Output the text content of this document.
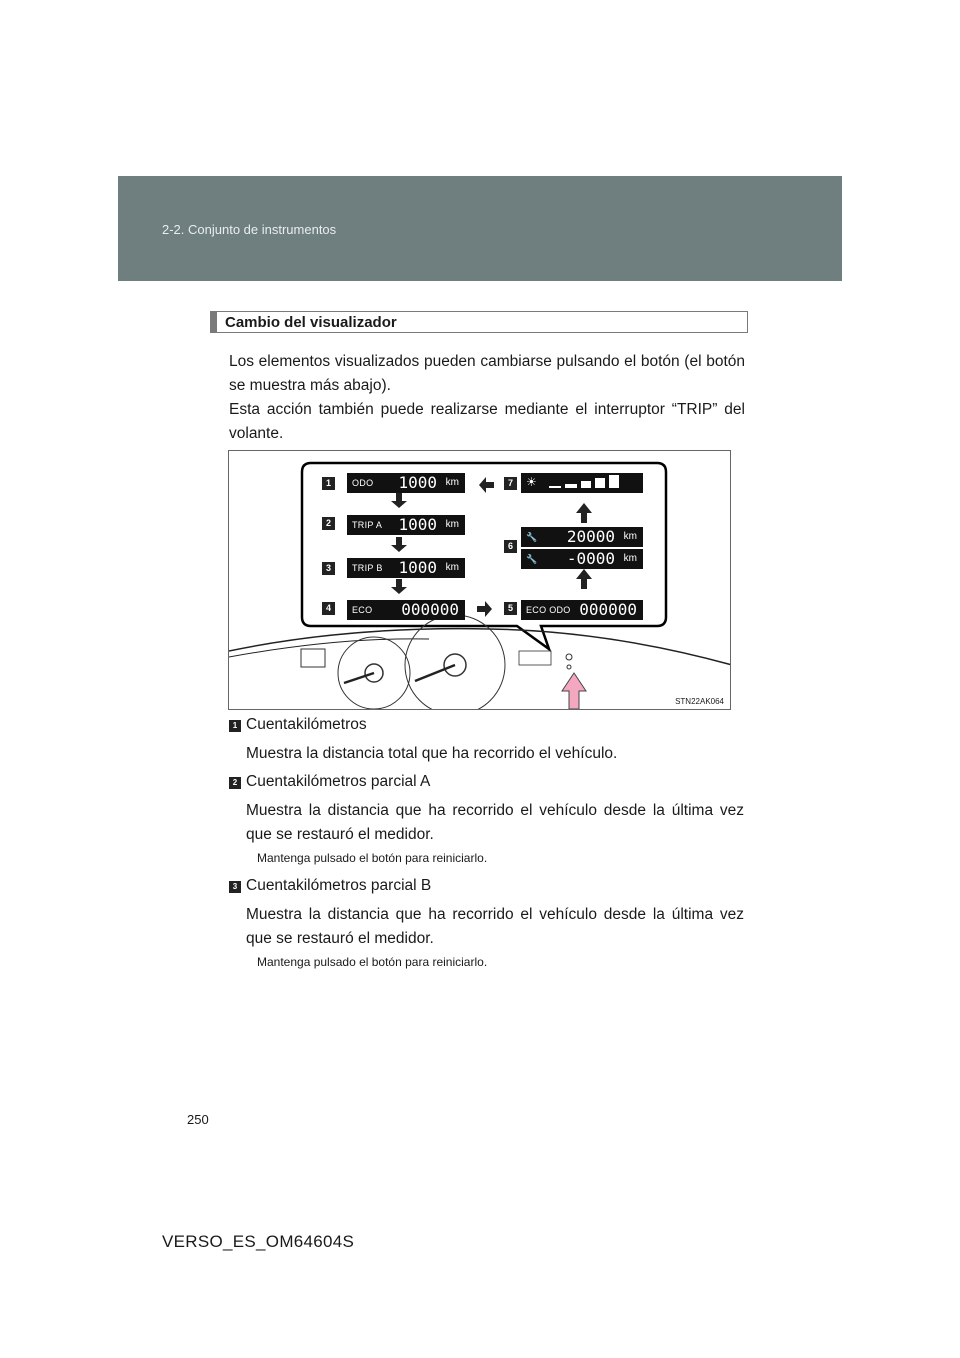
2-2. Conjunto de instrumentos
Cambio del visualizador
Los elementos visualizados pueden cambiarse pulsando el botón (el botón se muestra más abajo).
Esta acción también puede realizarse mediante el interruptor “TRIP” del volante.
1	ODO 1000 km
2	TRIP A 1000 km
3	TRIP B 1000 km
4	ECO 000000	5	ECO ODO 000000
6
🔧 20000 km
🔧 -0000 km
7	☀
STN22AK064
1 Cuentakilómetros
Muestra la distancia total que ha recorrido el vehículo.
2 Cuentakilómetros parcial A
Muestra la distancia que ha recorrido el vehículo desde la última vez que se restauró el medidor.
Mantenga pulsado el botón para reiniciarlo.
3 Cuentakilómetros parcial B
Muestra la distancia que ha recorrido el vehículo desde la última vez que se restauró el medidor.
Mantenga pulsado el botón para reiniciarlo.
250
VERSO_ES_OM64604S
